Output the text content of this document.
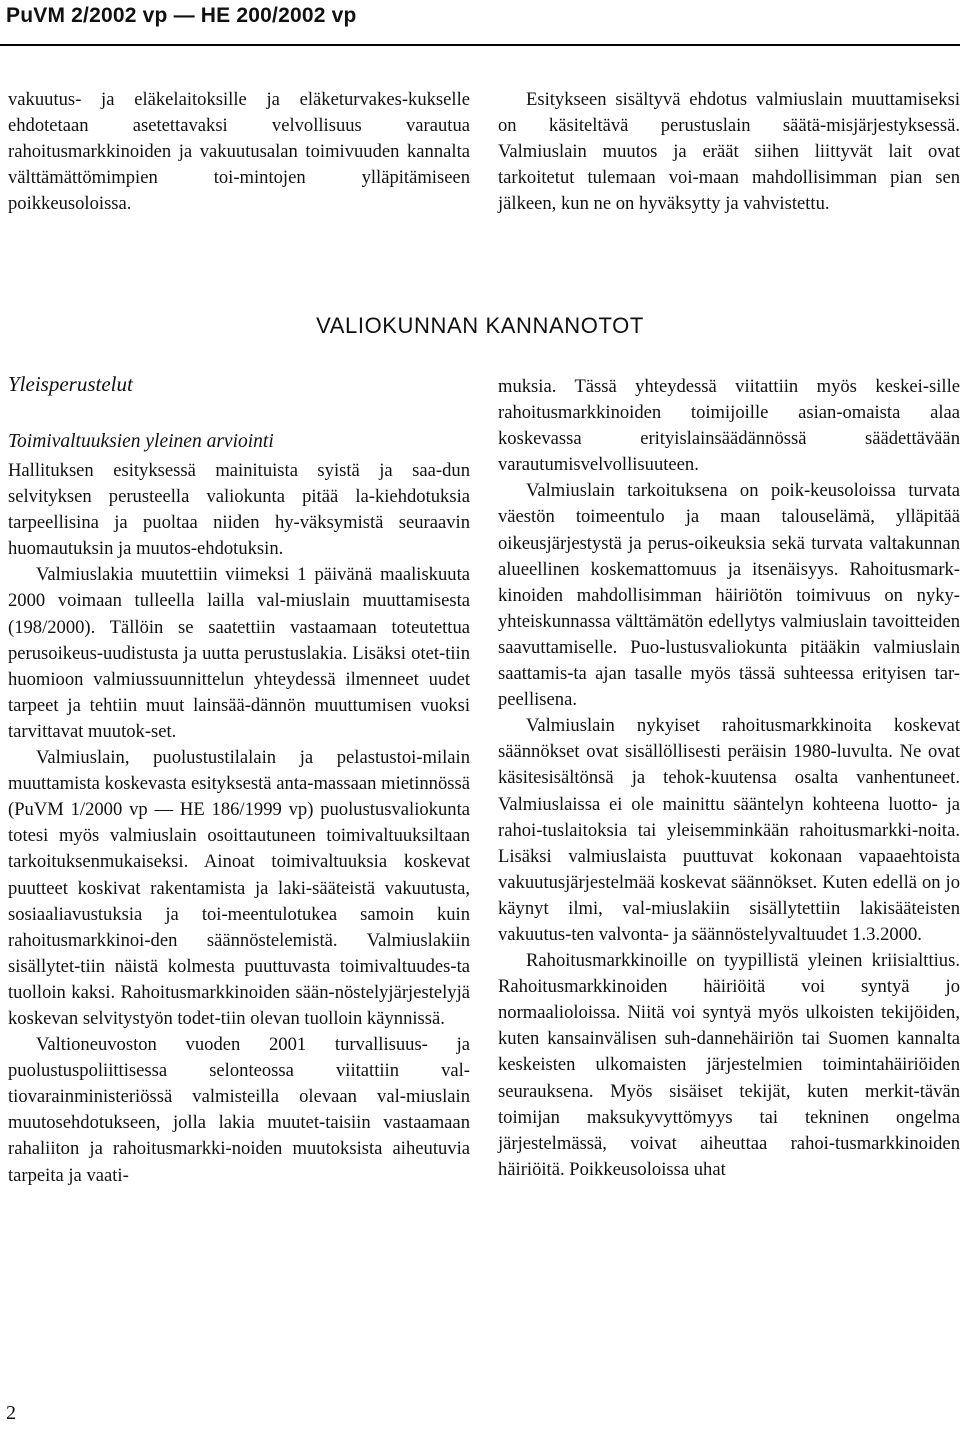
PuVM 2/2002 vp — HE 200/2002 vp

vakuutus- ja eläkelaitoksille ja eläketurvakes-kukselle ehdotetaan asetettavaksi velvollisuus varautua rahoitusmarkkinoiden ja vakuutusalan toimivuuden kannalta välttämättömimpien toi-mintojen ylläpitämiseen poikkeusoloissa.

Esitykseen sisältyvä ehdotus valmiuslain muuttamiseksi on käsiteltävä perustuslain säätä-misjärjestyksessä. Valmiuslain muutos ja eräät siihen liittyvät lait ovat tarkoitetut tulemaan voi-maan mahdollisimman pian sen jälkeen, kun ne on hyväksytty ja vahvistettu.

VALIOKUNNAN KANNANOTOT
Yleisperustelut
Toimivaltuuksien yleinen arviointi

Hallituksen esityksessä mainituista syistä ja saa-dun selvityksen perusteella valiokunta pitää la-kiehdotuksia tarpeellisina ja puoltaa niiden hy-väksymistä seuraavin huomautuksin ja muutos-ehdotuksin.

Valmiuslakia muutettiin viimeksi 1 päivänä maaliskuuta 2000 voimaan tulleella lailla val-miuslain muuttamisesta (198/2000). Tällöin se saatettiin vastaamaan toteutettua perusoikeus-uudistusta ja uutta perustuslakia. Lisäksi otet-tiin huomioon valmiussuunnittelun yhteydessä ilmenneet uudet tarpeet ja tehtiin muut lainsää-dännön muuttumisen vuoksi tarvittavat muutok-set.

Valmiuslain, puolustustilalain ja pelastustoi-milain muuttamista koskevasta esityksestä anta-massaan mietinnössä (PuVM 1/2000 vp — HE 186/1999 vp) puolustusvaliokunta totesi myös valmiuslain osoittautuneen toimivaltuuksiltaan tarkoituksenmukaiseksi. Ainoat toimivaltuuksia koskevat puutteet koskivat rakentamista ja laki-sääteistä vakuutusta, sosiaaliavustuksia ja toi-meentulotukea samoin kuin rahoitusmarkkinoi-den säännöstelemistä. Valmiuslakiin sisällytet-tiin näistä kolmesta puuttuvasta toimivaltuudes-ta tuolloin kaksi. Rahoitusmarkkinoiden sään-nöstelyjärjestelyjä koskevan selvitystyön todet-tiin olevan tuolloin käynnissä.

Valtioneuvoston vuoden 2001 turvallisuus- ja puolustuspoliittisessa selonteossa viitattiin val-tiovarainministeriössä valmisteilla olevaan val-miuslain muutosehdotukseen, jolla lakia muutet-taisiin vastaamaan rahaliiton ja rahoitusmarkki-noiden muutoksista aiheutuvia tarpeita ja vaati-

muksia. Tässä yhteydessä viitattiin myös keskei-sille rahoitusmarkkinoiden toimijoille asian-omaista alaa koskevassa erityislainsäädännössä säädettävään varautumisvelvollisuuteen.

Valmiuslain tarkoituksena on poik-keusoloissa turvata väestön toimeentulo ja maan talouselämä, ylläpitää oikeusjärjestystä ja perus-oikeuksia sekä turvata valtakunnan alueellinen koskemattomuus ja itsenäisyys. Rahoitusmark-kinoiden mahdollisimman häiriötön toimivuus on nyky-yhteiskunnassa välttämätön edellytys valmiuslain tavoitteiden saavuttamiselle. Puo-lustusvaliokunta pitääkin valmiuslain saattamis-ta ajan tasalle myös tässä suhteessa erityisen tar-peellisena.

Valmiuslain nykyiset rahoitusmarkkinoita koskevat säännökset ovat sisällöllisesti peräisin 1980-luvulta. Ne ovat käsitesisältönsä ja tehok-kuutensa osalta vanhentuneet. Valmiuslaissa ei ole mainittu sääntelyn kohteena luotto- ja rahoi-tuslaitoksia tai yleisemminkään rahoitusmarkki-noita. Lisäksi valmiuslaista puuttuvat kokonaan vapaaehtoista vakuutusjärjestelmää koskevat säännökset. Kuten edellä on jo käynyt ilmi, val-miuslakiin sisällytettiin lakisääteisten vakuutus-ten valvonta- ja säännöstelyvaltuudet 1.3.2000.

Rahoitusmarkkinoille on tyypillistä yleinen kriisialttius. Rahoitusmarkkinoiden häiriöitä voi syntyä jo normaalioloissa. Niitä voi syntyä myös ulkoisten tekijöiden, kuten kansainvälisen suh-dannehäiriön tai Suomen kannalta keskeisten ulkomaisten järjestelmien toimintahäiriöiden seurauksena. Myös sisäiset tekijät, kuten merkit-tävän toimijan maksukyvyttömyys tai tekninen ongelma järjestelmässä, voivat aiheuttaa rahoi-tusmarkkinoiden häiriöitä. Poikkeusoloissa uhat

2
